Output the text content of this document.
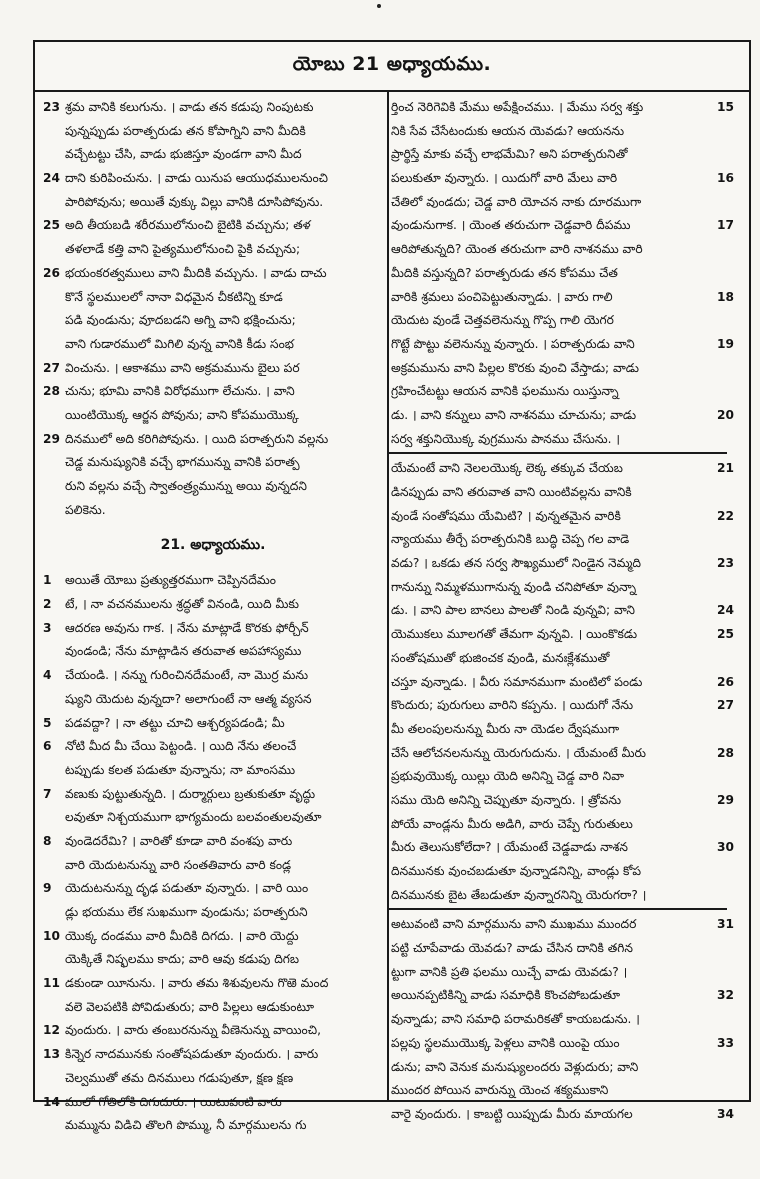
యోబు 21 అధ్యాయము.
23 శ్రమ వానికి కలుగును. । వాడు తన కడుపు నింపుటకు
పున్నప్పుడు పరాత్పరుడు తన కోపాగ్నిని వాని మీదికి
వచ్చేటట్టు చేసి, వాడు భుజిస్తూ వుండగా వాని మీద
24 దాని కురిపించును. । వాడు యినుప ఆయుధములనుంచి
పారిపోవును; అయితే వుక్కు విల్లు వానికి దూసిపోవును.
25 అది తీయబడి శరీరములోనుంచి బైటికి వచ్చును; తళ
తళలాడే కత్తి వాని పైత్యములోనుంచి పైకి వచ్చును;
26 భయంకరత్వములు వాని మీదికి వచ్చును. । వాడు దాచు
కొనే స్థలములలో నానా విధమైన చీకటిన్ని కూడ
పడి వుండును; వూదబడని అగ్ని వాని భక్షించును;
వాని గుడారములో మిగిలి వున్న వానికి కీడు సంభ
27 వించును. । ఆకాశము వాని అక్రమమును బైలు పర
28 చును; భూమి వానికి విరోధముగా లేచును. । వాని
యింటియొక్క ఆర్జన పోవును; వాని కోపముయొక్క
29 దినములో అది కరిగిపోవును. । యిది పరాత్పరుని వల్లను
చెడ్డ మనుష్యునికి వచ్చే భాగమున్ను వానికి పరాత్ప
రుని వల్లను వచ్చే స్వాతంత్ర్యమున్ను అయి వున్నదని
పలికెను.
21. అధ్యాయము.
1 అయితే యోబు ప్రత్యుత్తరముగా చెప్పినదేమం
2 టే, । నా వచనములను శ్రద్ధతో వినండి, యిది మీకు
3 ఆదరణ అవును గాక. । నేను మాట్లాడే కొరకు ఫోర్చీన్
వుండండి; నేను మాట్లాడిన తరువాత అపహాస్యము
4 చేయండి. । నన్ను గురించినదేమంటే, నా మొర్ర మను
ష్యుని యెదుట వున్నదా? అలాగుంటే నా ఆత్మ వ్యసన
5 పడవద్దా? । నా తట్టు చూచి ఆశ్చర్యపడండి; మీ
6 నోటి మీద మీ చేయి పెట్టండి. । యిది నేను తలంచే
టప్పుడు కలత పడుతూ వున్నాను; నా మాంసము
7 వణుకు పుట్టుతున్నది. । దుర్మార్గులు బ్రతుకుతూ వృద్ధు
లవుతూ నిశ్చయముగా భాగ్యమందు బలవంతులవుతూ
8 వుండెదరేమి? । వారితో కూడా వారి వంశపు వారు
వారి యెదుటనున్ను వారి సంతతివారు వారి కండ్ల
9 యెదుటనున్ను దృఢ పడుతూ వున్నారు. । వారి యిం
డ్లు భయము లేక సుఖముగా వుండును; పరాత్పరుని
10 యొక్క దండము వారి మీదికి దిగదు. । వారి యెద్దు
యెక్కితే నిష్ఫలము కాదు; వారి ఆవు కడుపు దిగబ
11 డకుండా యీనును. । వారు తమ శిశువులను గొఱె మంద
వలె వెలపటికి పోవిడుతురు; వారి పిల్లలు ఆడుకుంటూ
12 వుందురు. । వారు తంబురనున్ను వీణెనున్ను వాయించి,
13 కిన్నెర నాదమునకు సంతోషపడుతూ వుందురు. । వారు
చెల్వముతో తమ దినములు గడుపుతూ, క్షణ క్షణ
14 ములో గోతిలోకి దిగుదురు. । యిటువంటి వారు
మమ్మును విడిచి తొలగి పొమ్ము, నీ మార్గములను గు
15
ర్తించ నెరిగెవికి మేము అపేక్షించము. । మేము సర్వ శక్తు
నికి సేవ చేసేటందుకు ఆయన యెవడు? ఆయనను
ప్రార్థిస్తే మాకు వచ్చే లాభమేమి? అని పరాత్పరునితో
16
పలుకుతూ వున్నారు. । యిదుగో వారి మేలు వారి
చేతిలో వుండదు; చెడ్డ వారి యోచన నాకు దూరముగా
17
వుండునుగాక. । యెంత తరుచుగా చెడ్డవారి దీపము
ఆరిపోతున్నది? యెంత తరుచుగా వారి నాశనము వారి
మీదికి వస్తున్నది? పరాత్పరుడు తన కోపము చేత
18
వారికి శ్రమలు పంచిపెట్టుతున్నాడు. । వారు గాలి
యెదుట వుండే చెత్తవలెనున్ను గొప్ప గాలి యెగర
19
గొట్టే పొట్టు వలెనున్ను వున్నారు. । పరాత్పరుడు వాని
అక్రమమును వాని పిల్లల కొరకు వుంచి వేస్తాడు; వాడు
గ్రహించేటట్టు ఆయన వానికి ఫలమును యిస్తున్నా
20
డు. । వాని కన్నులు వాని నాశనము చూచును; వాడు
సర్వ శక్తునియొక్క వుగ్రమును పానము చేసును. ।
21
యేమంటే వాని నెలలయొక్క లెక్క తక్కువ చేయబ
డినప్పుడు వాని తరువాత వాని యింటివల్లను వానికి
22
వుండే సంతోషము యేమిటి? । వున్నతమైన వారికి
న్యాయము తీర్చే పరాత్పరునికి బుద్ధి చెప్ప గల వాడె
23
వడు? । ఒకడు తన సర్వ సౌఖ్యములో నిండైన నెమ్మది
గానున్ను నిమ్మళముగానున్న వుండి చనిపోతూ వున్నా
24
డు. । వాని పాల బానలు పాలతో నిండి వున్నవి; వాని
25
యెముకలు మూలగతో తేమగా వున్నవి. । యింకొకడు
సంతోషముతో భుజించక వుండి, మనఃక్లేశముతో
26
చస్తూ వున్నాడు. । వీరు సమానముగా మంటిలో పండు
27
కొందురు; పురుగులు వారిని కప్పను. । యిదుగో నేను
మీ తలంపులనున్ను మీరు నా యెడల ద్వేషముగా
28
చేసే ఆలోచనలనున్ను యెరుగుదును. । యేమంటే మీరు
ప్రభువుయొక్క యిల్లు యెది అనిన్ని చెడ్డ వారి నివా
29
సము యెది అనిన్ని చెప్పుతూ వున్నారు. । త్రోవను
పోయే వాండ్లను మీరు అడిగి, వారు చెప్పే గురుతులు
30
మీరు తెలుసుకోలేదా? । యేమంటే చెడ్డవాడు నాశన
దినమునకు వుంచబడుతూ వున్నాడనిన్ని, వాండ్లు కోప
దినమునకు బైట తేబడుతూ వున్నారనిన్ని యెరుగరా? ।
31
అటువంటి వాని మార్గమును వాని ముఖము ముందర
పట్టి చూపేవాడు యెవడు? వాడు చేసిన దానికి తగిన
ట్టుగా వానికి ప్రతి ఫలము యిచ్చే వాడు యెవడు? ।
32
అయినప్పటికిన్ని వాడు సమాధికి కొంచపోబడుతూ
వున్నాడు; వాని సమాధి పరామరికతో కాయబడును. ।
33
పల్లపు స్థలముయొక్క పెళ్లలు వానికి యింపై యుం
డును; వాని వెనుక మనుష్యులందరు వెళ్లుదురు; వాని
ముందర పోయిన వారున్ను యెంచ శక్యముకాని
34
వారై వుందురు. । కాబట్టి యిప్పుడు మీరు మాయగల
